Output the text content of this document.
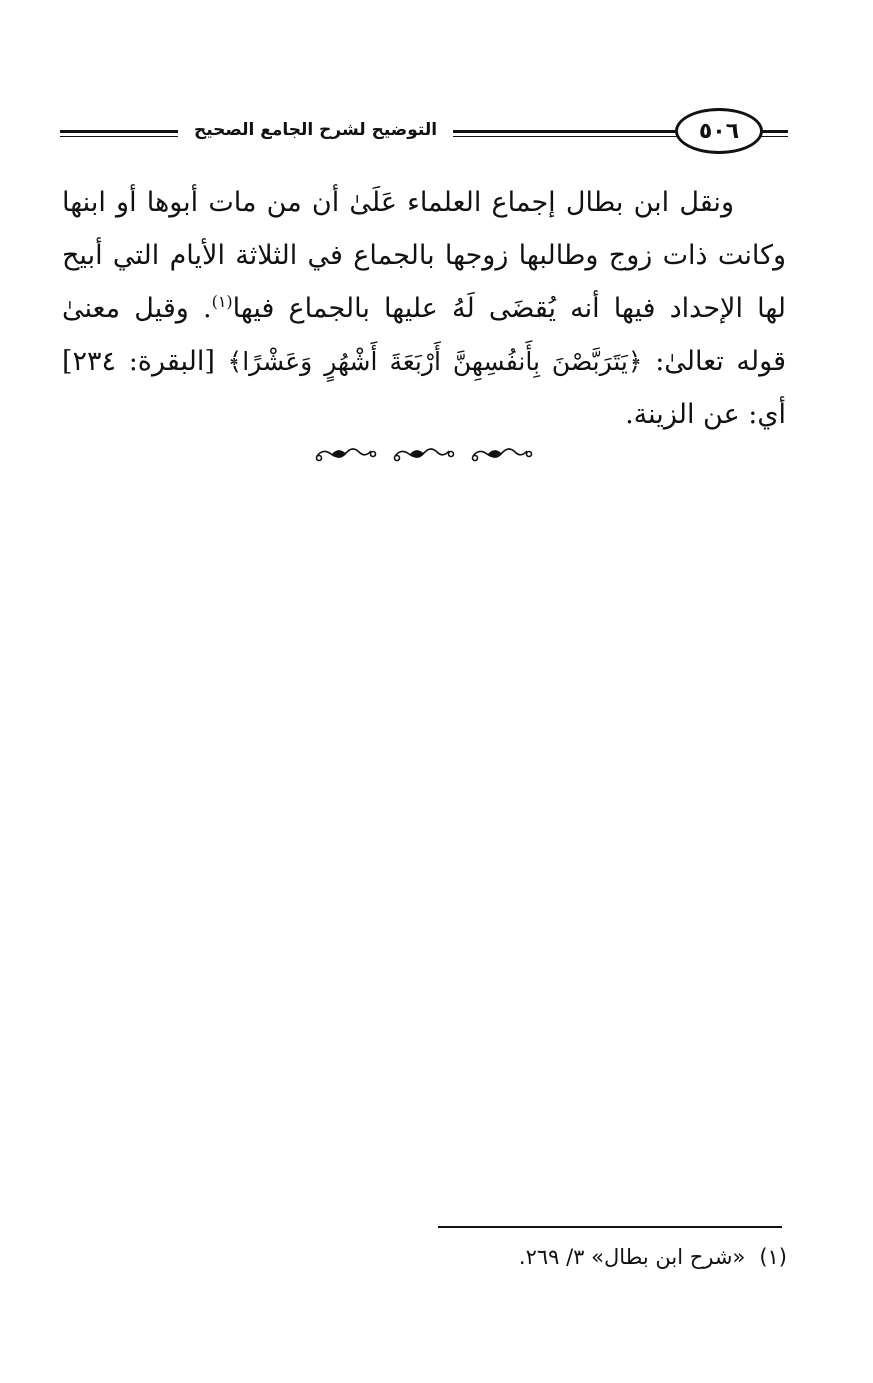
التوضيح لشرح الجامع الصحيح	٥٠٦

ونقل ابن بطال إجماع العلماء عَلَىٰ أن من مات أبوها أو ابنها وكانت ذات زوج وطالبها زوجها بالجماع في الثلاثة الأيام التي أبيح لها الإحداد فيها أنه يُقضَى لَهُ عليها بالجماع فيها$^{(١)}$. وقيل معنىٰ قوله تعالىٰ: ﴿يَتَرَبَّصْنَ بِأَنفُسِهِنَّ أَرْبَعَةَ أَشْهُرٍ وَعَشْرًا﴾ [البقرة: ٢٣٤] أي: عن الزينة.

(١)«شرح ابن بطال» ٣/ ٢٦٩.
